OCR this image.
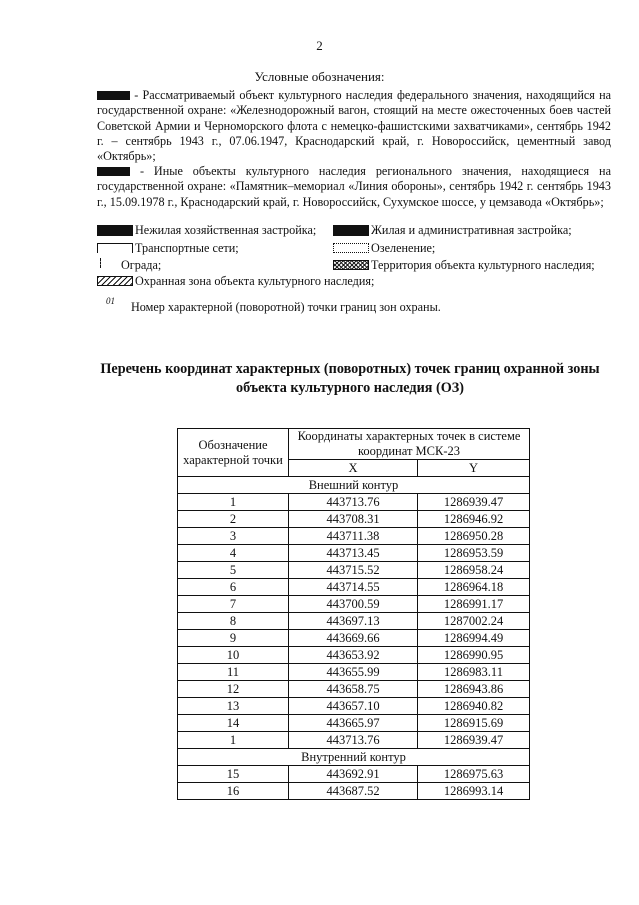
2
Условные обозначения:
- Рассматриваемый объект культурного наследия федерального значения, находящийся на государственной охране: «Железнодорожный вагон, стоящий на месте ожесточенных боев частей Советской Армии и Черноморского флота с немецко-фашистскими захватчиками», сентябрь 1942 г. – сентябрь 1943 г., 07.06.1947, Краснодарский край, г. Новороссийск, цементный завод «Октябрь»;
- Иные объекты культурного наследия регионального значения, находящиеся на государственной охране: «Памятник–мемориал «Линия обороны», сентябрь 1942 г. сентябрь 1943 г., 15.09.1978 г., Краснодарский край, г. Новороссийск, Сухумское шоссе, у цемзавода «Октябрь»;
Нежилая хозяйственная застройка;	Жилая и административная застройка;
Транспортные сети;	Озеленение;
Ограда;	Территория объекта культурного наследия;
Охранная зона объекта культурного наследия;
01 Номер характерной (поворотной) точки границ зон охраны.
Перечень координат характерных (поворотных) точек границ охранной зоны объекта культурного наследия (ОЗ)
Обозначение характерной точки	Координаты характерных точек в системе координат МСК-23	
	X	Y
Внешний контур		
1	443713.76	1286939.47
2	443708.31	1286946.92
3	443711.38	1286950.28
4	443713.45	1286953.59
5	443715.52	1286958.24
6	443714.55	1286964.18
7	443700.59	1286991.17
8	443697.13	1287002.24
9	443669.66	1286994.49
10	443653.92	1286990.95
11	443655.99	1286983.11
12	443658.75	1286943.86
13	443657.10	1286940.82
14	443665.97	1286915.69
1	443713.76	1286939.47
Внутренний контур		
15	443692.91	1286975.63
16	443687.52	1286993.14
